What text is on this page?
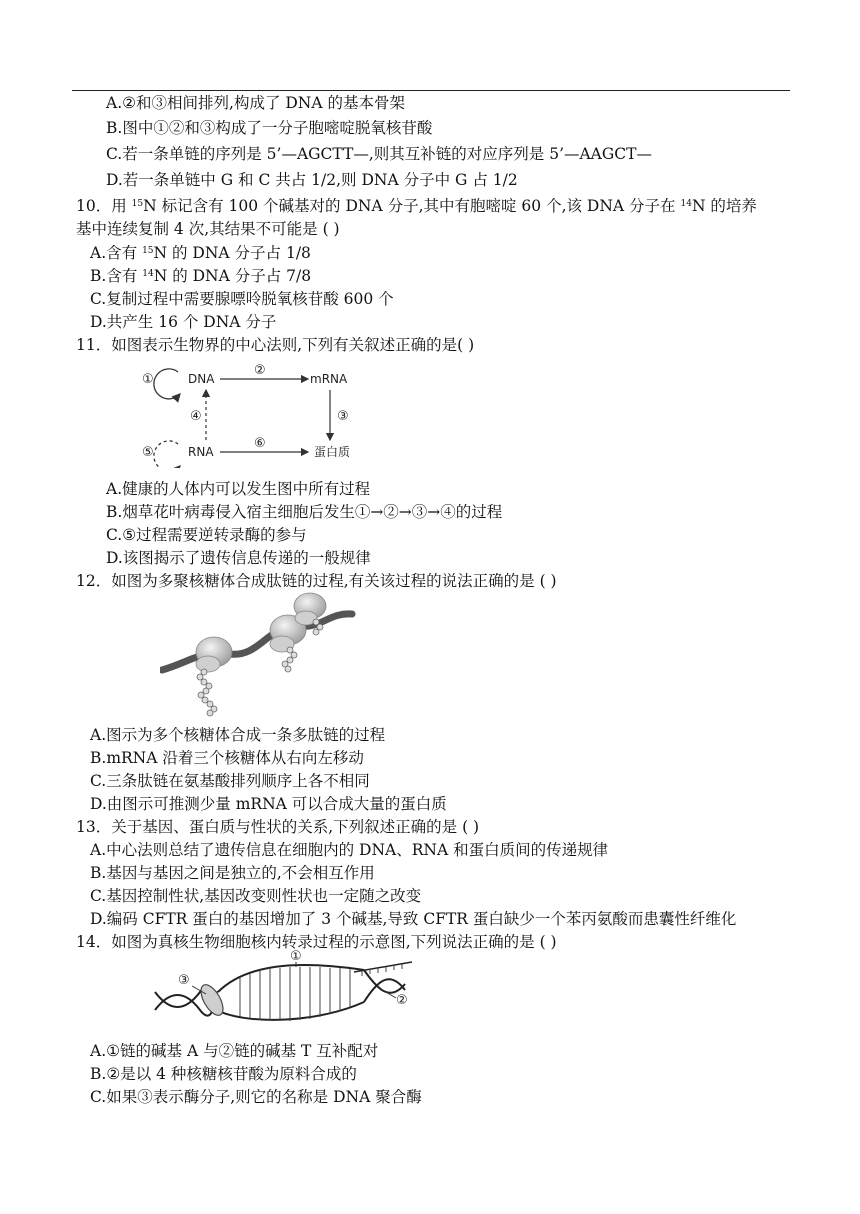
A.②和③相间排列,构成了 DNA 的基本骨架
B.图中①②和③构成了一分子胞嘧啶脱氧核苷酸
C.若一条单链的序列是 5’—AGCTT—,则其互补链的对应序列是 5’—AAGCT—
D.若一条单链中 G 和 C 共占 1/2,则 DNA 分子中 G 占 1/2
10．用 $^{15}$N 标记含有 100 个碱基对的 DNA 分子,其中有胞嘧啶 60 个,该 DNA 分子在 $^{14}$N 的培养
基中连续复制 4 次,其结果不可能是 ( )
A.含有 $^{15}$N 的 DNA 分子占 1/8
B.含有 $^{14}$N 的 DNA 分子占 7/8
C.复制过程中需要腺嘌呤脱氧核苷酸 600 个
D.共产生 16 个 DNA 分子
11．如图表示生物界的中心法则,下列有关叙述正确的是( )
①	DNA
②
mRNA
③
④
⑤	RNA
⑥
蛋白质
A.健康的人体内可以发生图中所有过程
B.烟草花叶病毒侵入宿主细胞后发生①→②→③→④的过程
C.⑤过程需要逆转录酶的参与
D.该图揭示了遗传信息传递的一般规律
12．如图为多聚核糖体合成肽链的过程,有关该过程的说法正确的是 ( )
A.图示为多个核糖体合成一条多肽链的过程
B.mRNA 沿着三个核糖体从右向左移动
C.三条肽链在氨基酸排列顺序上各不相同
D.由图示可推测少量 mRNA 可以合成大量的蛋白质
13．关于基因、蛋白质与性状的关系,下列叙述正确的是 ( )
A.中心法则总结了遗传信息在细胞内的 DNA、RNA 和蛋白质间的传递规律
B.基因与基因之间是独立的,不会相互作用
C.基因控制性状,基因改变则性状也一定随之改变
D.编码 CFTR 蛋白的基因增加了 3 个碱基,导致 CFTR 蛋白缺少一个苯丙氨酸而患囊性纤维化
14．如图为真核生物细胞核内转录过程的示意图,下列说法正确的是 ( )
③
①
②
A.①链的碱基 A 与②链的碱基 T 互补配对
B.②是以 4 种核糖核苷酸为原料合成的
C.如果③表示酶分子,则它的名称是 DNA 聚合酶
